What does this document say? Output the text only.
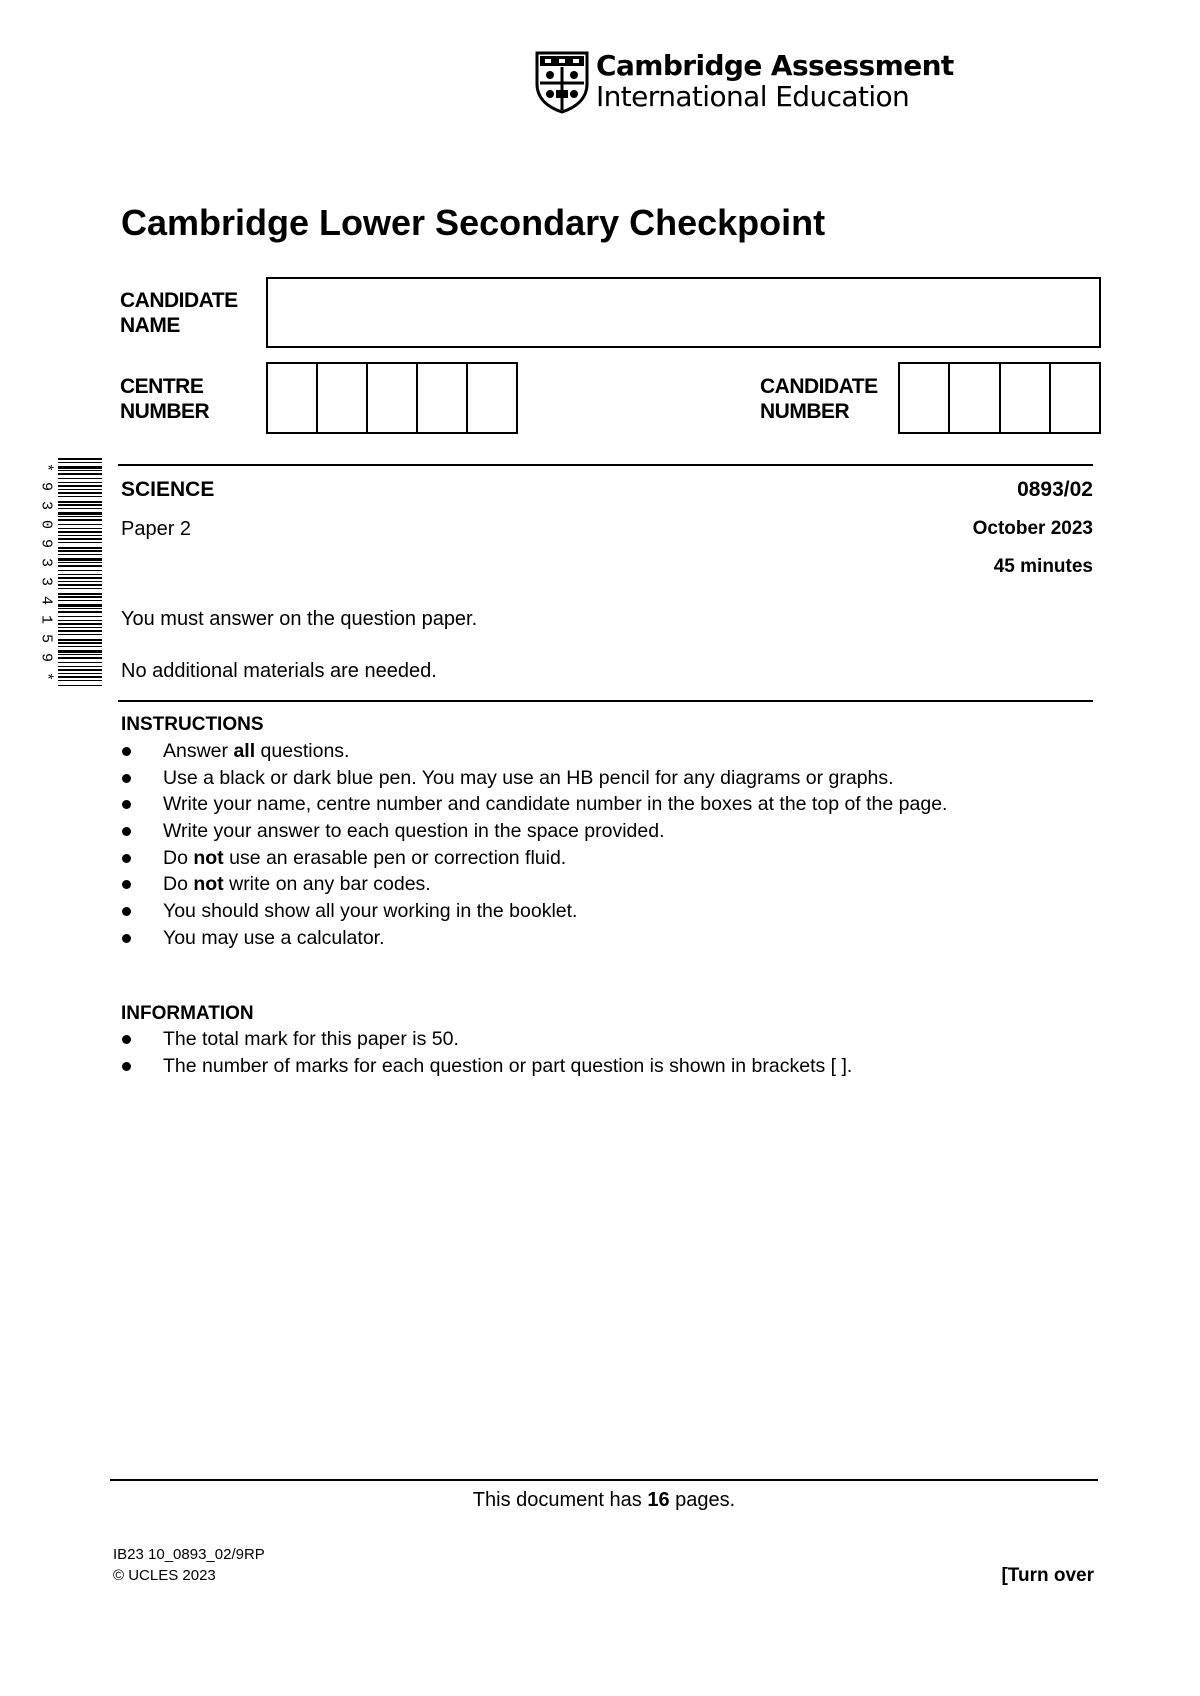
Cambridge Assessment
International Education
Cambridge Lower Secondary Checkpoint
CANDIDATE
NAME
CENTRE
NUMBER
CANDIDATE
NUMBER
*
9
3
0
9
3
3
4
1
5
9
*
SCIENCE	0893/02
Paper 2	October 2023
45 minutes
You must answer on the question paper.
No additional materials are needed.
INSTRUCTIONS
Answer all questions.
Use a black or dark blue pen. You may use an HB pencil for any diagrams or graphs.
Write your name, centre number and candidate number in the boxes at the top of the page.
Write your answer to each question in the space provided.
Do not use an erasable pen or correction fluid.
Do not write on any bar codes.
You should show all your working in the booklet.
You may use a calculator.
INFORMATION
The total mark for this paper is 50.
The number of marks for each question or part question is shown in brackets [ ].
This document has 16 pages.
IB23 10_0893_02/9RP
© UCLES 2023	[Turn over
